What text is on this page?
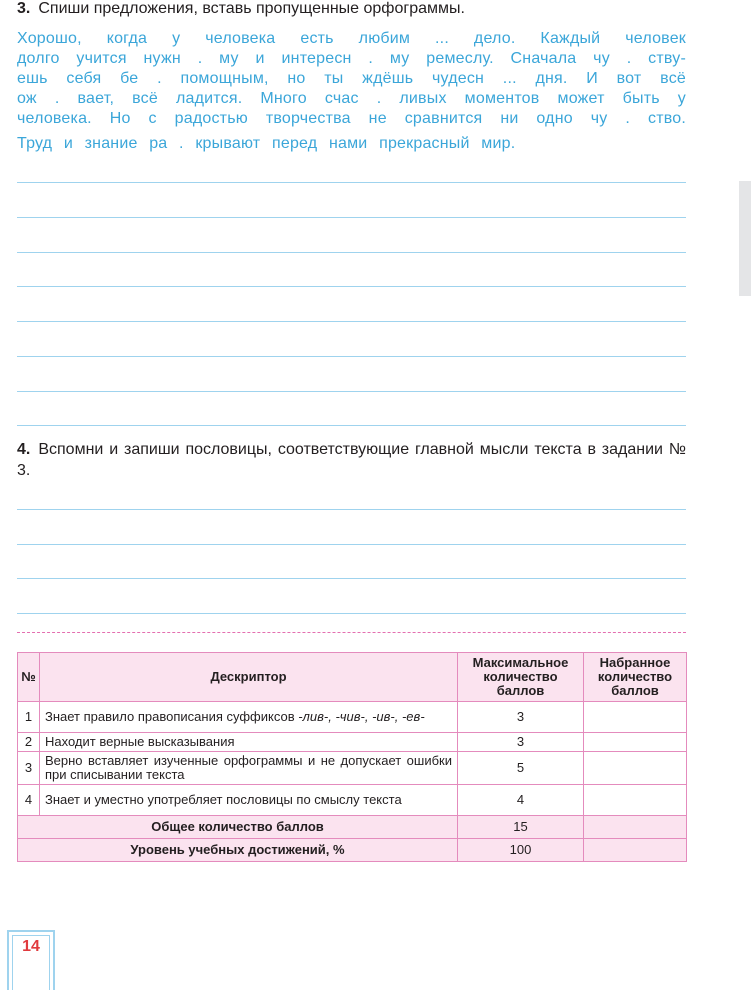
3. Спиши предложения, вставь пропущенные орфограммы.
Хорошо, когда у человека есть любим ... дело. Каждый человек
долго учится нужн . му и интересн . му ремеслу. Сначала чу . ству-
ешь себя бе . помощным, но ты ждёшь чудесн ... дня. И вот всё
ож . вает, всё ладится. Много счас . ливых моментов может быть у
человека. Но с радостью творчества не сравнится ни одно чу . ство.
Труд и знание ра . крывают перед нами прекрасный мир.
4. Вспомни и запиши пословицы, соответствующие главной мысли текста в задании № 3.
№	Дескриптор	Максимальное количество баллов	Набранное количество баллов
1	Знает правило правописания суффиксов -лив-, -чив-, -ив-, -ев-	3	
2	Находит верные высказывания	3	
3	Верно вставляет изученные орфограммы и не допускает ошибки при списывании текста	5	
4	Знает и уместно употребляет пословицы по смыслу текста	4	
Общее количество баллов		15	
Уровень учебных достижений, %		100	
14
